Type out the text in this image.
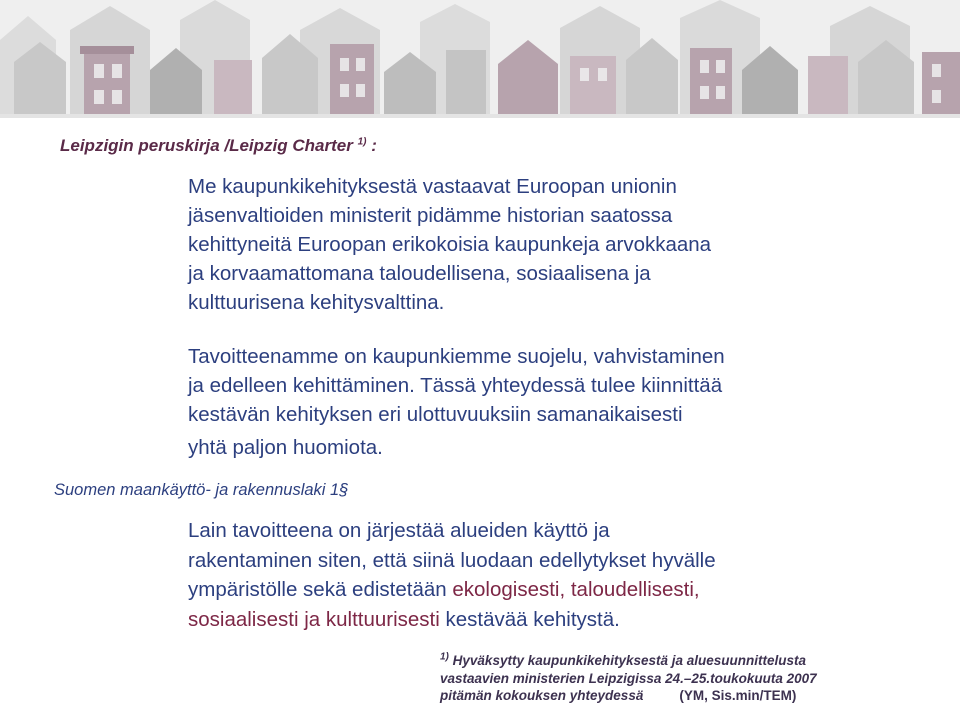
Leipzigin peruskirja /Leipzig Charter $^{1)}$ :

Me kaupunkikehityksestä vastaavat Euroopan unionin
jäsenvaltioiden ministerit pidämme historian saatossa
kehittyneitä Euroopan erikokoisia kaupunkeja arvokkaana
ja korvaamattomana taloudellisena, sosiaalisena ja
kulttuurisena kehitysvalttina.

Tavoitteenamme on kaupunkiemme suojelu, vahvistaminen
ja edelleen kehittäminen. Tässä yhteydessä tulee kiinnittää
kestävän kehityksen eri ulottuvuuksiin samanaikaisesti
yhtä paljon huomiota.

Suomen maankäyttö- ja rakennuslaki 1§

Lain tavoitteena on järjestää alueiden käyttö ja
rakentaminen siten, että siinä luodaan edellytykset hyvälle
ympäristölle sekä edistetään ekologisesti, taloudellisesti,
sosiaalisesti ja kulttuurisesti kestävää kehitystä.

$^{1)}$ Hyväksytty kaupunkikehityksestä ja aluesuunnittelusta
vastaavien ministerien Leipzigissa 24.–25.toukokuuta 2007
pitämän kokouksen yhteydessä	(YM, Sis.min/TEM)
